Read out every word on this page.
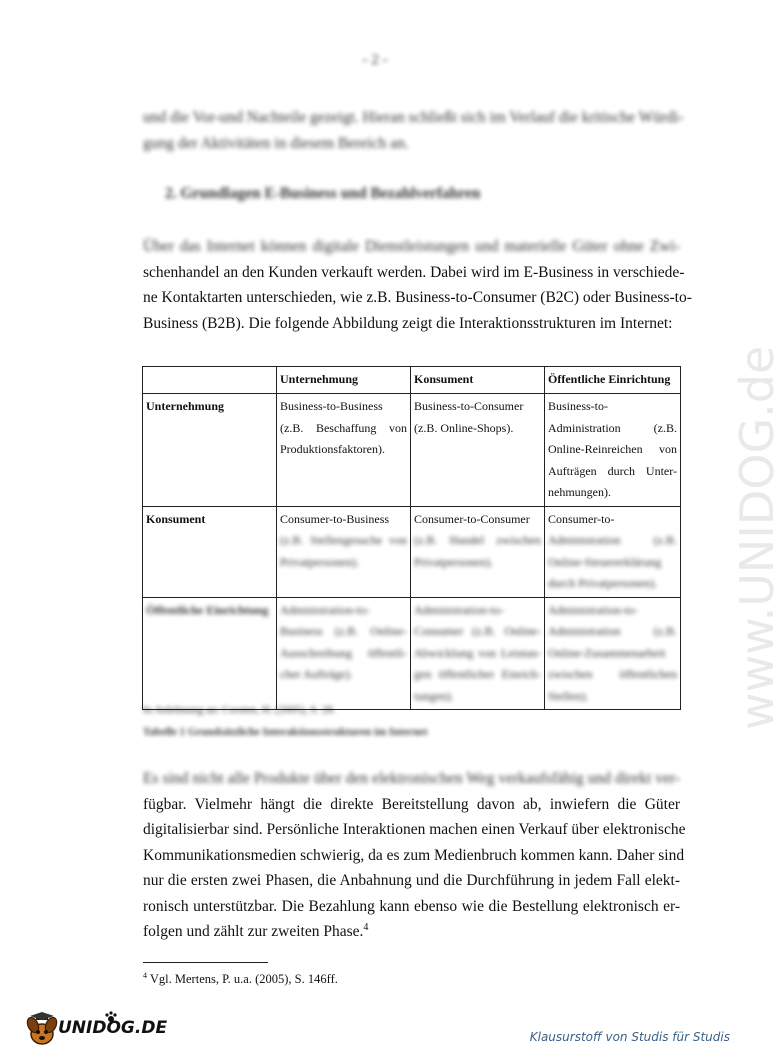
www.UNIDOG.de
- 2 -
und die Vor-und Nachteile gezeigt. Hieran schließt sich im Verlauf die kritische Würdi-
gung der Aktivitäten in diesem Bereich an.
2. Grundlagen E-Business und Bezahlverfahren
Über das Internet können digitale Dienstleistungen und materielle Güter ohne Zwi-
schenhandel an den Kunden verkauft werden. Dabei wird im E-Business in verschiede-
ne Kontaktarten unterschieden, wie z.B. Business-to-Consumer (B2C) oder Business-to-
Business (B2B). Die folgende Abbildung zeigt die Interaktionsstrukturen im Internet:
	Unternehmung	Konsument	Öffentliche Einrichtung
Unternehmung	Business-to-Business
(z.B. Beschaffung von
Produktionsfaktoren).	Business-to-Consumer
(z.B. Online-Shops).	Business-to-
Administration (z.B.
Online-Reinreichen von
Aufträgen durch Unter-
nehmungen).

Konsument	Consumer-to-Business
(z.B. Stellengesuche von
Privatpersonen).	Consumer-to-Consumer
(z.B. Handel zwischen
Privatpersonen).	Consumer-to-
Administration (z.B.
Online-Steuererklärung
durch Privatpersonen).

Öffentliche Einrichtung	Administration-to-
Business (z.B. Online-
Ausschreibung öffentli-
cher Aufträge).	Administration-to-
Consumer (z.B. Online-
Abwicklung von Leistun-
gen öffentlicher Einrich-
tungen).	Administration-to-
Administration (z.B.
Online-Zusammenarbeit
zwischen öffentlichen
Stellen).
In Anlehnung an: Corsten, H. (2005), S. 28.
Tabelle 1 Grundsätzliche Interaktionsstrukturen im Internet
Es sind nicht alle Produkte über den elektronischen Weg verkaufsfähig und direkt ver-
fügbar. Vielmehr hängt die direkte Bereitstellung davon ab, inwiefern die Güter
digitalisierbar sind. Persönliche Interaktionen machen einen Verkauf über elektronische
Kommunikationsmedien schwierig, da es zum Medienbruch kommen kann. Daher sind
nur die ersten zwei Phasen, die Anbahnung und die Durchführung in jedem Fall elekt-
ronisch unterstützbar. Die Bezahlung kann ebenso wie die Bestellung elektronisch er-
folgen und zählt zur zweiten Phase.$^4$
$^4$ Vgl. Mertens, P. u.a. (2005), S. 146ff.
UNIDOG.DE	Klausurstoff von Studis für Studis
